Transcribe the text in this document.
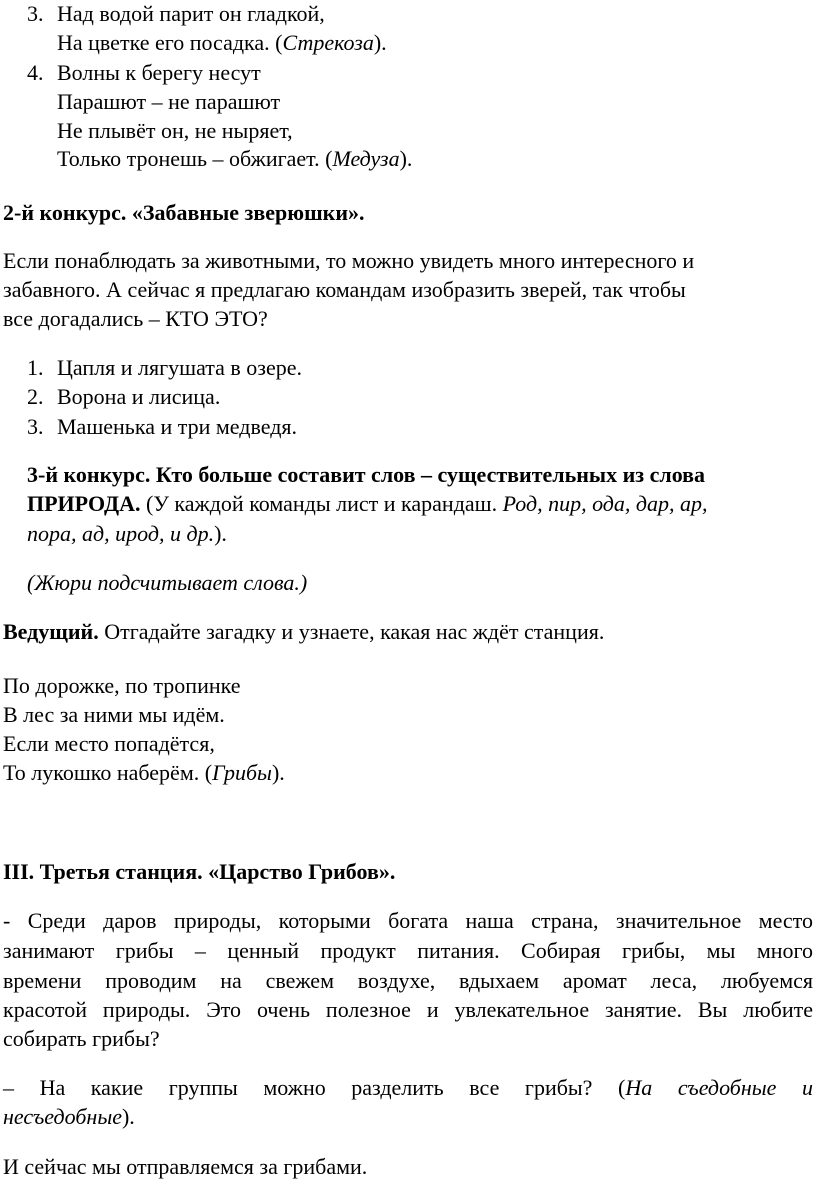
3. Над водой парит он гладкой,
На цветке его посадка. (Стрекоза).
4. Волны к берегу несут
Парашют – не парашют
Не плывёт он, не ныряет,
Только тронешь – обжигает. (Медуза).
2-й конкурс. «Забавные зверюшки».
Если понаблюдать за животными, то можно увидеть много интересного и
забавного. А сейчас я предлагаю командам изобразить зверей, так чтобы
все догадались – КТО ЭТО?
1. Цапля и лягушата в озере.
2. Ворона и лисица.
3. Машенька и три медведя.
3-й конкурс. Кто больше составит слов – существительных из слова
ПРИРОДА. (У каждой команды лист и карандаш. Род, пир, ода, дар, ар,
пора, ад, ирод, и др.).
(Жюри подсчитывает слова.)
Ведущий. Отгадайте загадку и узнаете, какая нас ждёт станция.
По дорожке, по тропинке
В лес за ними мы идём.
Если место попадётся,
То лукошко наберём. (Грибы).
III. Третья станция. «Царство Грибов».
- Среди даров природы, которыми богата наша страна, значительное место
занимают грибы – ценный продукт питания. Собирая грибы, мы много
времени проводим на свежем воздухе, вдыхаем аромат леса, любуемся
красотой природы. Это очень полезное и увлекательное занятие. Вы любите
собирать грибы?
– На какие группы можно разделить все грибы? (На съедобные и
несъедобные).
И сейчас мы отправляемся за грибами.
